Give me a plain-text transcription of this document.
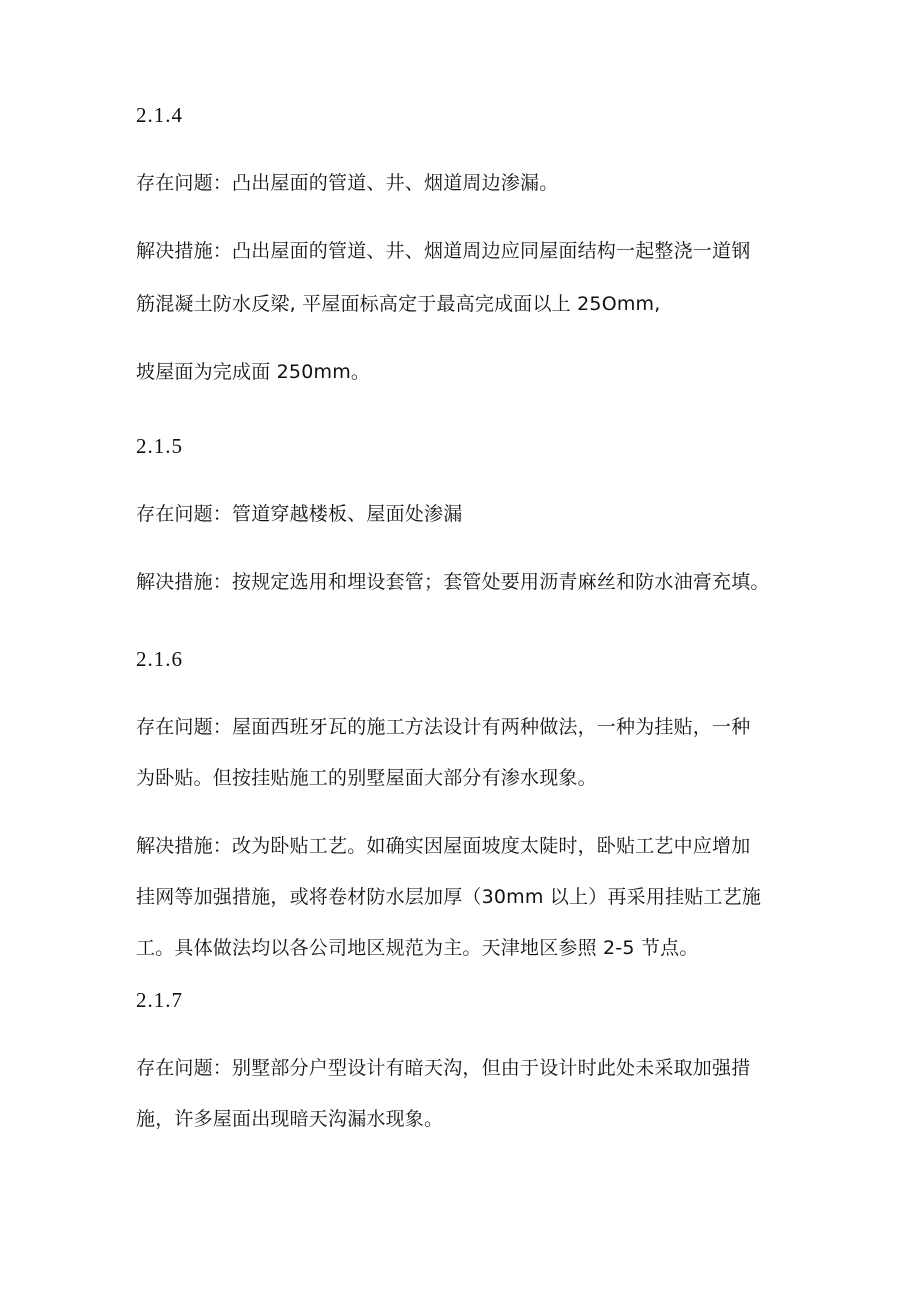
2.1.4
存在问题：凸出屋面的管道、井、烟道周边渗漏。
解决措施：凸出屋面的管道、井、烟道周边应同屋面结构一起整浇一道钢
筋混凝土防水反梁, 平屋面标高定于最高完成面以上 25Omm,
坡屋面为完成面 250mm。
2.1.5
存在问题：管道穿越楼板、屋面处渗漏
解决措施：按规定选用和埋设套管；套管处要用沥青麻丝和防水油膏充填。
2.1.6
存在问题：屋面西班牙瓦的施工方法设计有两种做法，一种为挂贴，一种
为卧贴。但按挂贴施工的别墅屋面大部分有渗水现象。
解决措施：改为卧贴工艺。如确实因屋面坡度太陡时，卧贴工艺中应增加
挂网等加强措施，或将卷材防水层加厚（30mm 以上）再采用挂贴工艺施
工。具体做法均以各公司地区规范为主。天津地区参照 2-5 节点。
2.1.7
存在问题：别墅部分户型设计有暗天沟，但由于设计时此处未采取加强措
施，许多屋面出现暗天沟漏水现象。
